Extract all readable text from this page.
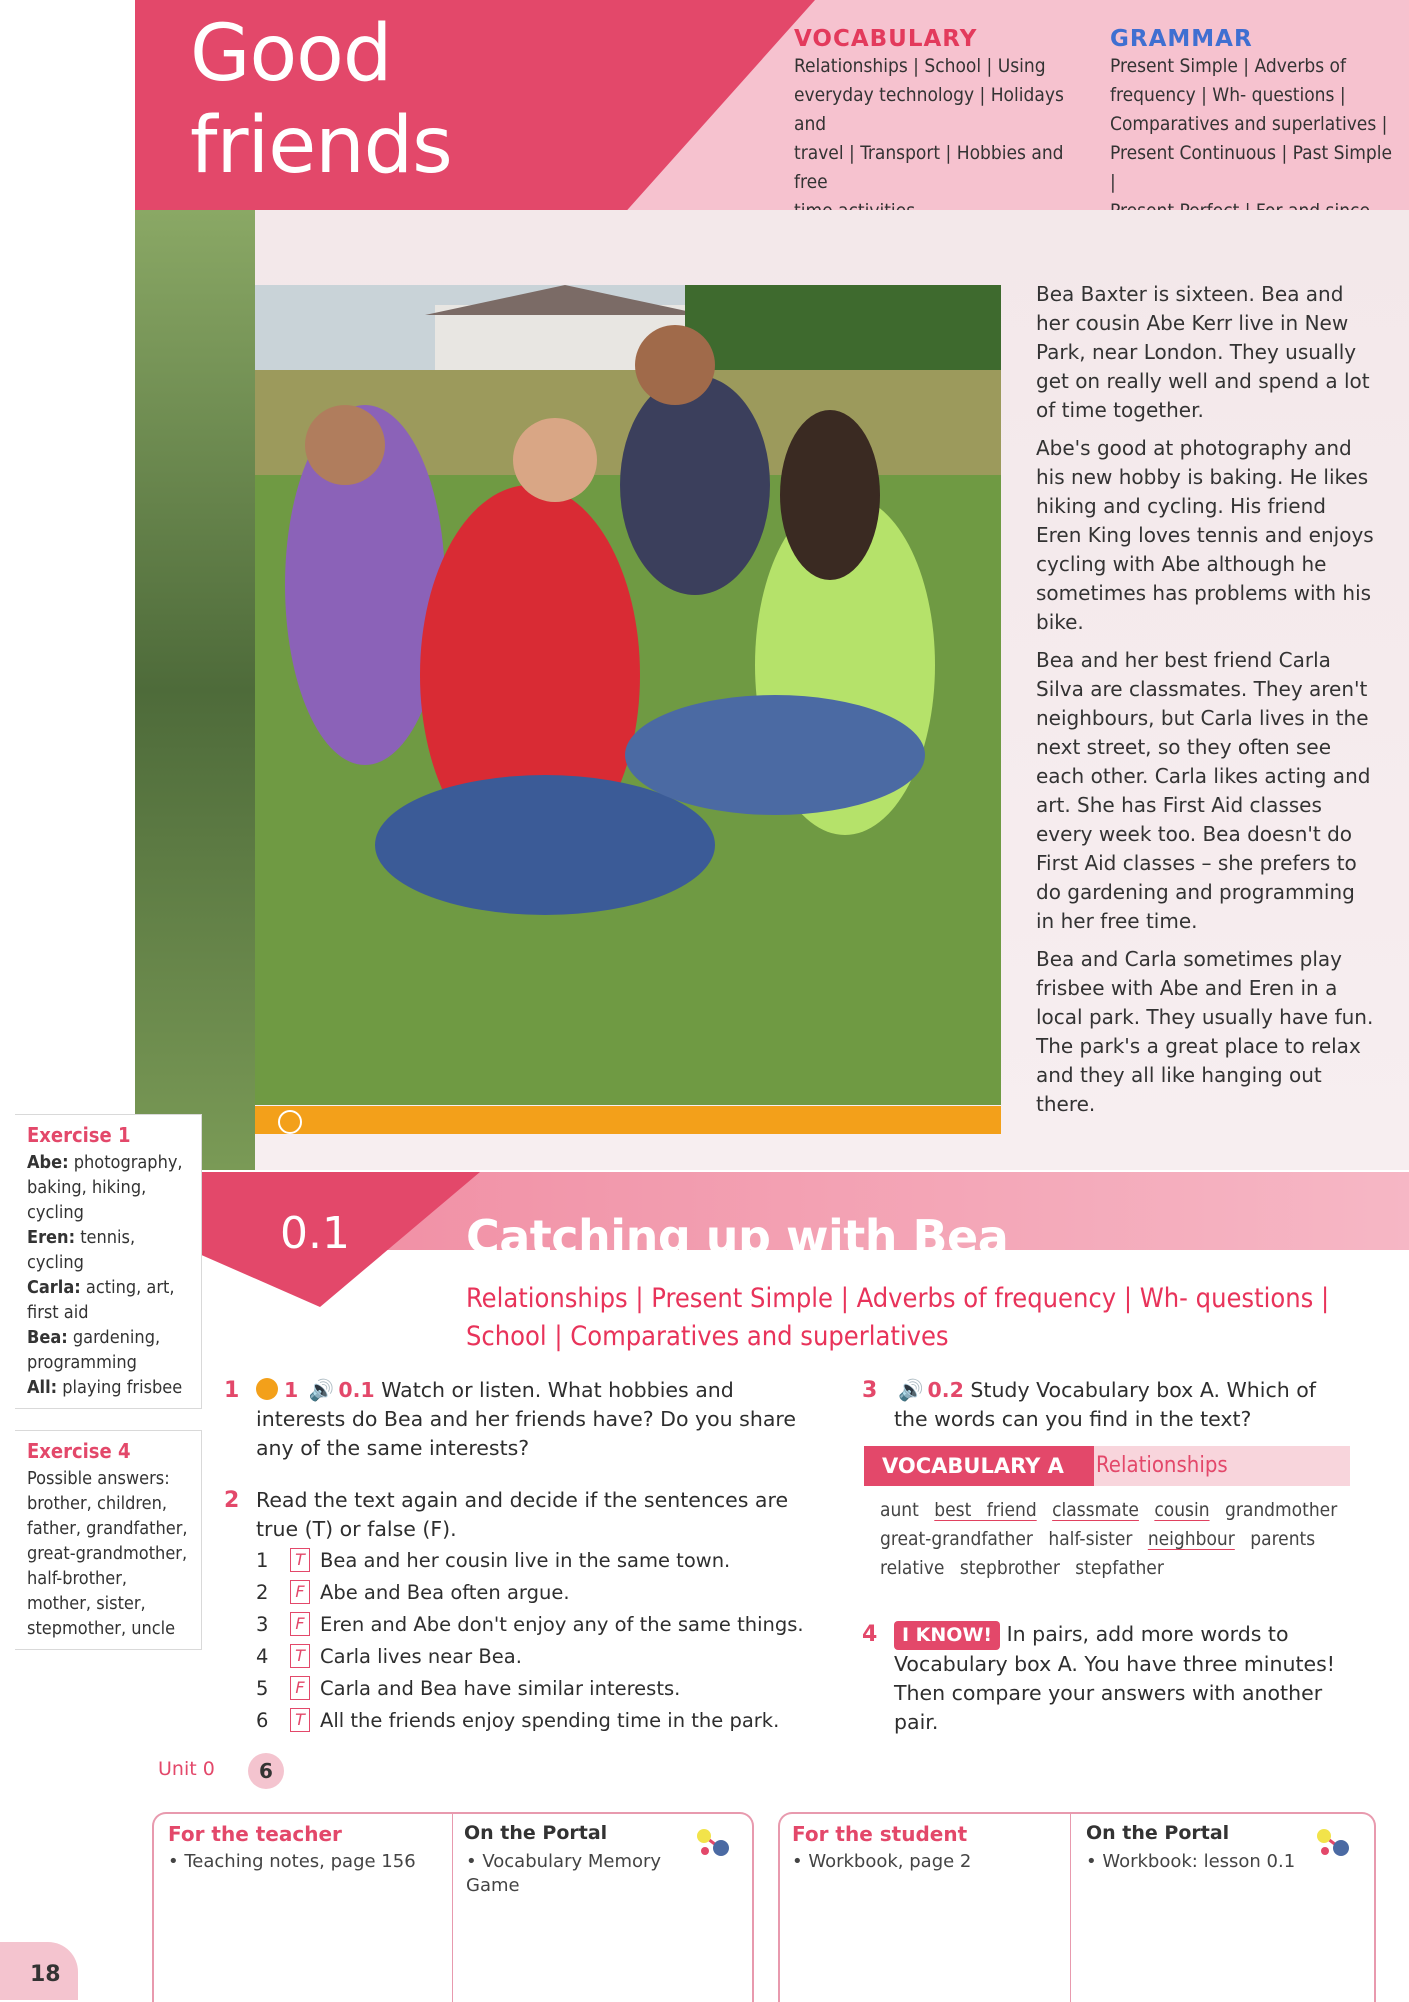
Good
friends
VOCABULARY
Relationships | School | Using
everyday technology | Holidays and
travel | Transport | Hobbies and free
GRAMMAR
Present Simple | Adverbs of
frequency | Wh- questions |
Comparatives and superlatives |
Present Continuous | Past Simple |

Bea Baxter is sixteen. Bea and her cousin Abe Kerr live in New Park, near London. They usually get on really well and spend a lot of time together.

Abe's good at photography and his new hobby is baking. He likes hiking and cycling. His friend Eren King loves tennis and enjoys cycling with Abe although he sometimes has problems with his bike.

Bea and her best friend Carla Silva are classmates. They aren't neighbours, but Carla lives in the next street, so they often see each other. Carla likes acting and art. She has First Aid classes every week too. Bea doesn't do First Aid classes – she prefers to do gardening and programming in her free time.

Bea and Carla sometimes play frisbee with Abe and Eren in a local park. They usually have fun. The park's a great place to relax and they all like hanging out there.

0.1	Catching up with Bea
Relationships | Present Simple | Adverbs of frequency | Wh- questions |
School | Comparatives and superlatives
Exercise 1
Abe: photography, baking, hiking, cycling
Eren: tennis, cycling
Carla: acting, art, first aid
Bea: gardening, programming
All: playing frisbee
Exercise 4
Possible answers:
brother, children, father, grandfather, great-grandmother, half-brother, mother, sister, stepmother, uncle
1 1 🔊 0.1 Watch or listen. What hobbies and interests do Bea and her friends have? Do you share any of the same interests?
2 Read the text again and decide if the sentences are true (T) or false (F).
1	T Bea and her cousin live in the same town.
2	F Abe and Bea often argue.
3	F Eren and Abe don't enjoy any of the same things.
4	T Carla lives near Bea.
5	F Carla and Bea have similar interests.
6	T All the friends enjoy spending time in the park.
3 🔊 0.2 Study Vocabulary box A. Which of the words can you find in the text?
VOCABULARY A	Relationships
aunt best friend classmate cousin grandmother great-grandfather half-sister neighbour parents relative stepbrother stepfather
4 I KNOW! In pairs, add more words to Vocabulary box A. You have three minutes! Then compare your answers with another pair.
Unit 0	6
For the teacher
• Teaching notes, page 156
On the Portal
• Vocabulary Memory Game
For the student
• Workbook, page 2
On the Portal
• Workbook: lesson 0.1
18
